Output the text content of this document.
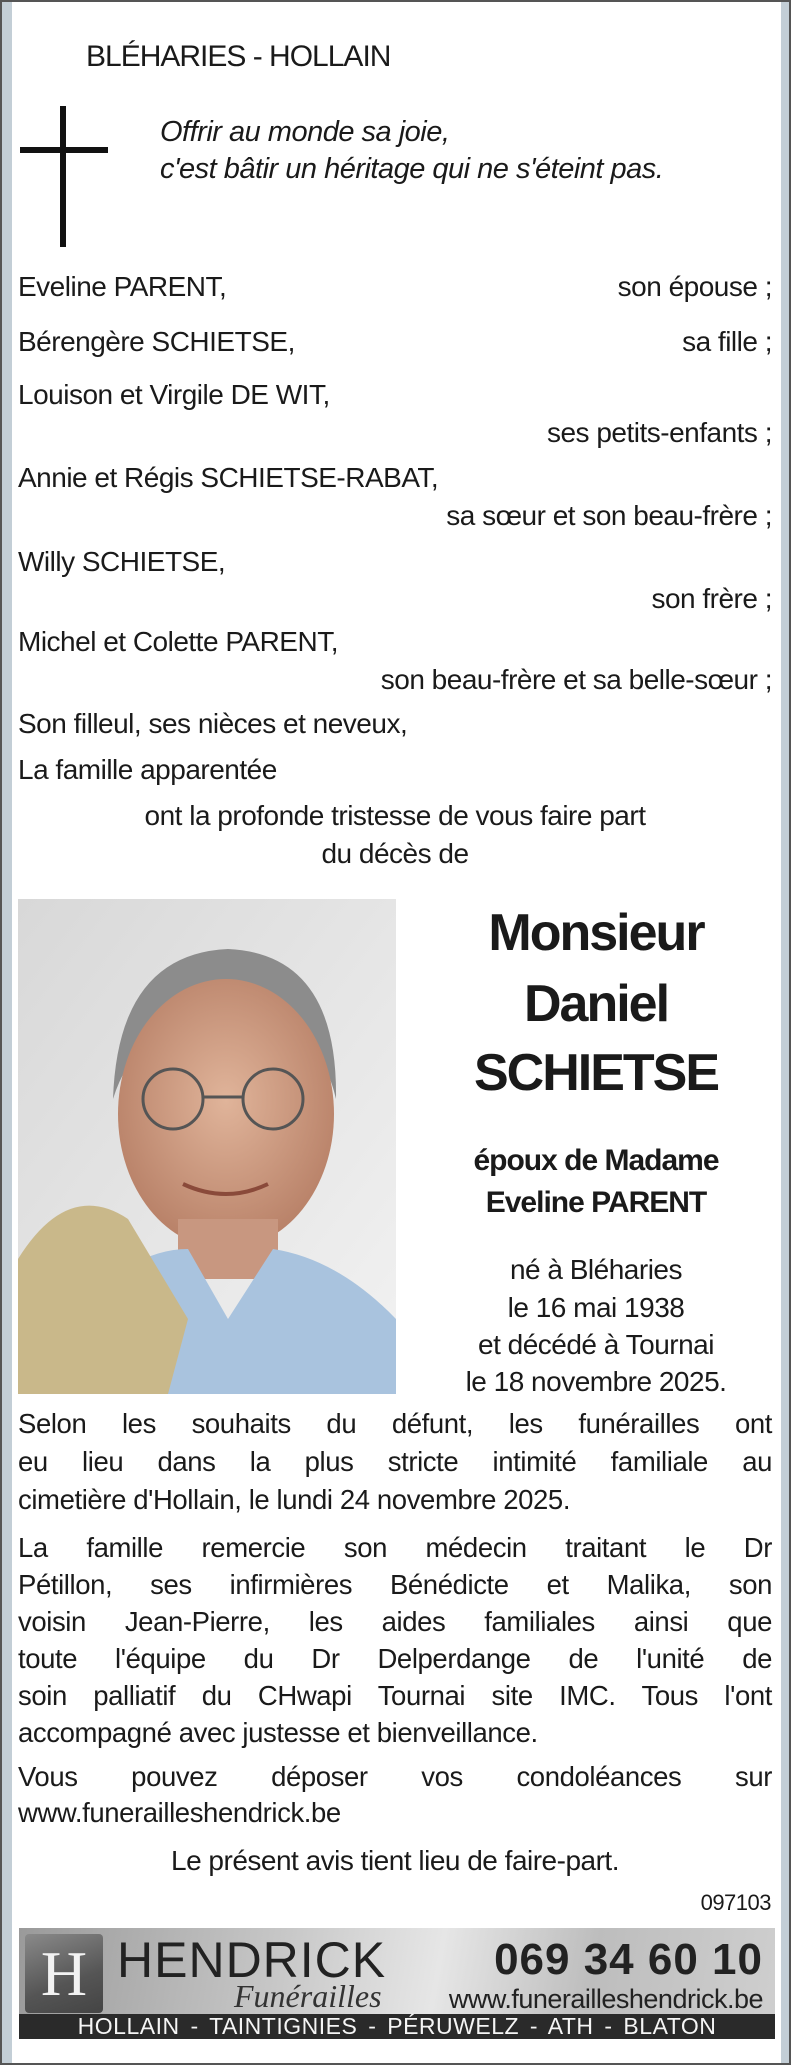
BLÉHARIES - HOLLAIN
Offrir au monde sa joie,
c'est bâtir un héritage qui ne s'éteint pas.
Eveline PARENT,	son épouse ;
Bérengère SCHIETSE,	sa fille ;
Louison et Virgile DE WIT,
ses petits-enfants ;
Annie et Régis SCHIETSE-RABAT,
sa sœur et son beau-frère ;
Willy SCHIETSE,
son frère ;
Michel et Colette PARENT,
son beau-frère et sa belle-sœur ;
Son filleul, ses nièces et neveux,
La famille apparentée
ont la profonde tristesse de vous faire part
du décès de
Monsieur
Daniel
SCHIETSE
époux de Madame
Eveline PARENT
né à Bléharies
le 16 mai 1938
et décédé à Tournai
le 18 novembre 2025.
Selon les souhaits du défunt, les funérailles ont
eu lieu dans la plus stricte intimité familiale au
cimetière d'Hollain, le lundi 24 novembre 2025.
La famille remercie son médecin traitant le Dr
Pétillon, ses infirmières Bénédicte et Malika, son
voisin Jean-Pierre, les aides familiales ainsi que
toute l'équipe du Dr Delperdange de l'unité de
soin palliatif du CHwapi Tournai site IMC. Tous l'ont
accompagné avec justesse et bienveillance.
Vous pouvez déposer vos condoléances sur
www.funerailleshendrick.be
Le présent avis tient lieu de faire-part.
097103
H HENDRICK
Funérailles
069 34 60 10
www.funerailleshendrick.be
HOLLAIN - TAINTIGNIES - PÉRUWELZ - ATH - BLATON
